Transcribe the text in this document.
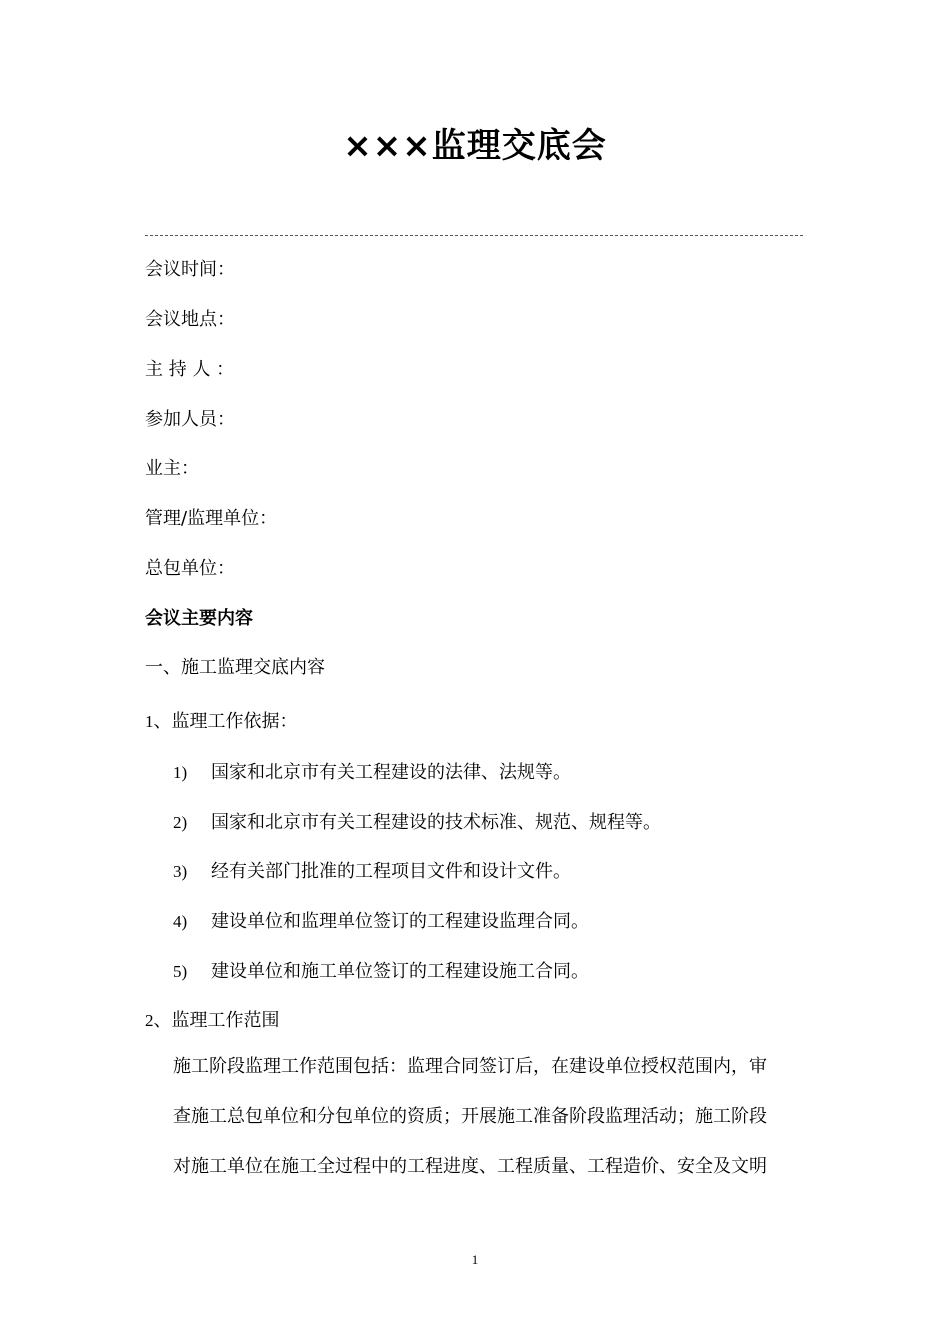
×××监理交底会
会议时间：
会议地点：
主 持 人 ：
参加人员：
业主：
管理/监理单位：
总包单位：
会议主要内容
一、施工监理交底内容
1、监理工作依据：
1) 国家和北京市有关工程建设的法律、法规等。
2) 国家和北京市有关工程建设的技术标准、规范、规程等。
3) 经有关部门批准的工程项目文件和设计文件。
4) 建设单位和监理单位签订的工程建设监理合同。
5) 建设单位和施工单位签订的工程建设施工合同。
2、监理工作范围
施工阶段监理工作范围包括：监理合同签订后，在建设单位授权范围内，审
查施工总包单位和分包单位的资质；开展施工准备阶段监理活动；施工阶段
对施工单位在施工全过程中的工程进度、工程质量、工程造价、安全及文明
1
